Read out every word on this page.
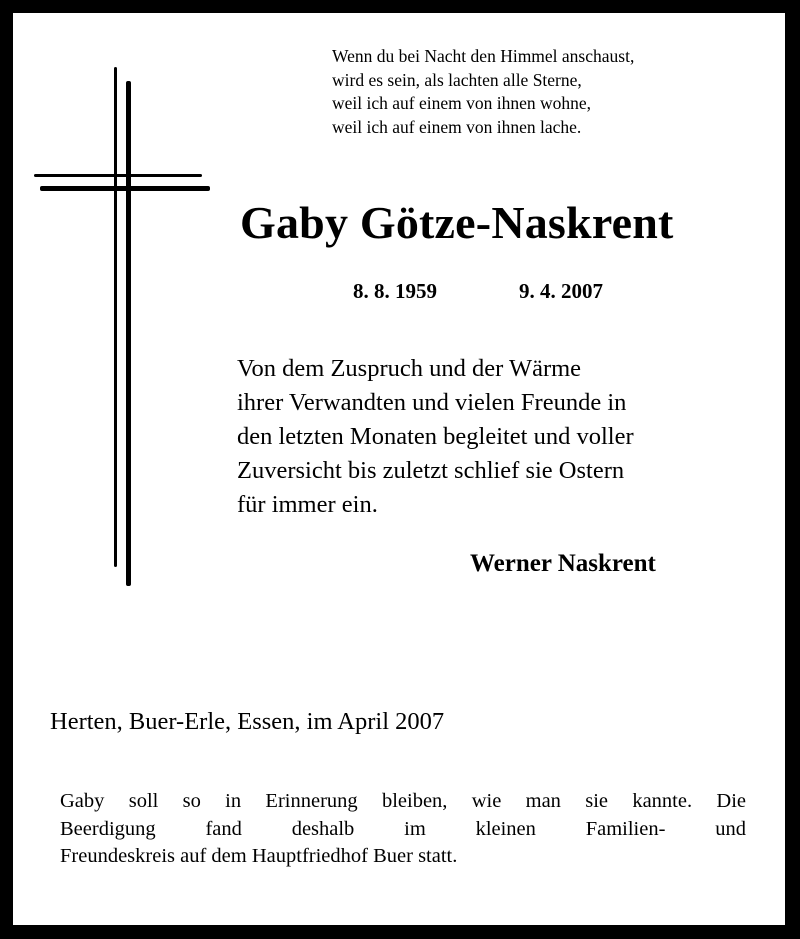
Wenn du bei Nacht den Himmel anschaust,
wird es sein, als lachten alle Sterne,
weil ich auf einem von ihnen wohne,
weil ich auf einem von ihnen lache.
Gaby Götze-Naskrent
8. 8. 1959	9. 4. 2007
Von dem Zuspruch und der Wärme
ihrer Verwandten und vielen Freunde in
den letzten Monaten begleitet und voller
Zuversicht bis zuletzt schlief sie Ostern
für immer ein.
Werner Naskrent
Herten, Buer-Erle, Essen, im April 2007
Gaby soll so in Erinnerung bleiben, wie man sie kannte. Die
Beerdigung fand deshalb im kleinen Familien- und
Freundeskreis auf dem Hauptfriedhof Buer statt.
